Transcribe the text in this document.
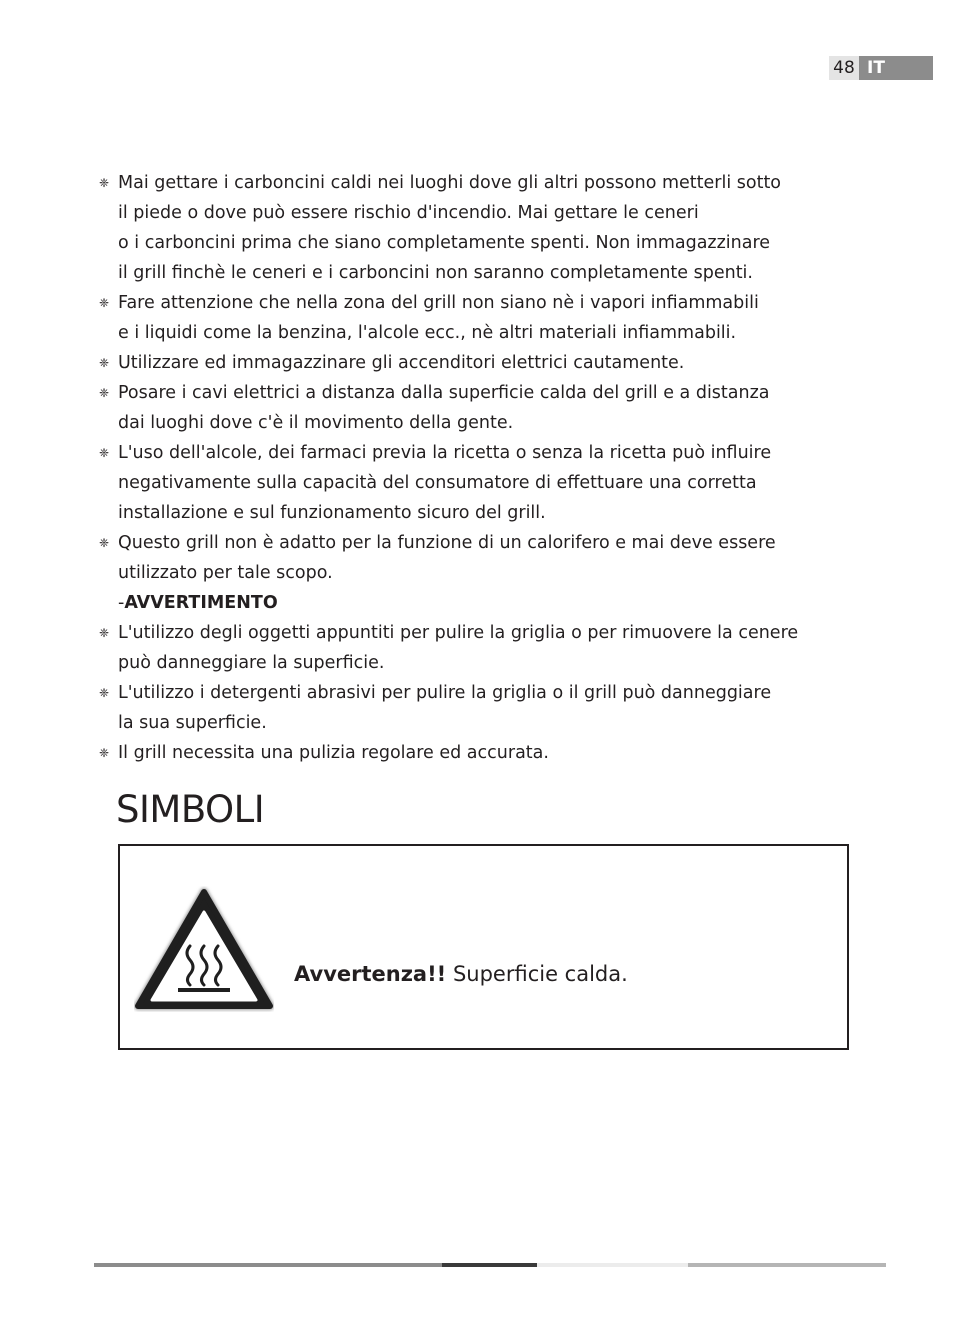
48 IT
❈ Mai gettare i carboncini caldi nei luoghi dove gli altri possono metterli sotto
il piede o dove può essere rischio d'incendio. Mai gettare le ceneri
o i carboncini prima che siano completamente spenti. Non immagazzinare
il grill finchè le ceneri e i carboncini non saranno completamente spenti.
❈ Fare attenzione che nella zona del grill non siano nè i vapori infiammabili
e i liquidi come la benzina, l'alcole ecc., nè altri materiali infiammabili.
❈ Utilizzare ed immagazzinare gli accenditori elettrici cautamente.
❈ Posare i cavi elettrici a distanza dalla superficie calda del grill e a distanza
dai luoghi dove c'è il movimento della gente.
❈ L'uso dell'alcole, dei farmaci previa la ricetta o senza la ricetta può influire
negativamente sulla capacità del consumatore di effettuare una corretta
installazione e sul funzionamento sicuro del grill.
❈ Questo grill non è adatto per la funzione di un calorifero e mai deve essere
utilizzato per tale scopo.
-AVVERTIMENTO
❈ L'utilizzo degli oggetti appuntiti per pulire la griglia o per rimuovere la cenere
può danneggiare la superficie.
❈ L'utilizzo i detergenti abrasivi per pulire la griglia o il grill può danneggiare
la sua superficie.
❈ Il grill necessita una pulizia regolare ed accurata.
SIMBOLI
Avvertenza!! Superficie calda.
